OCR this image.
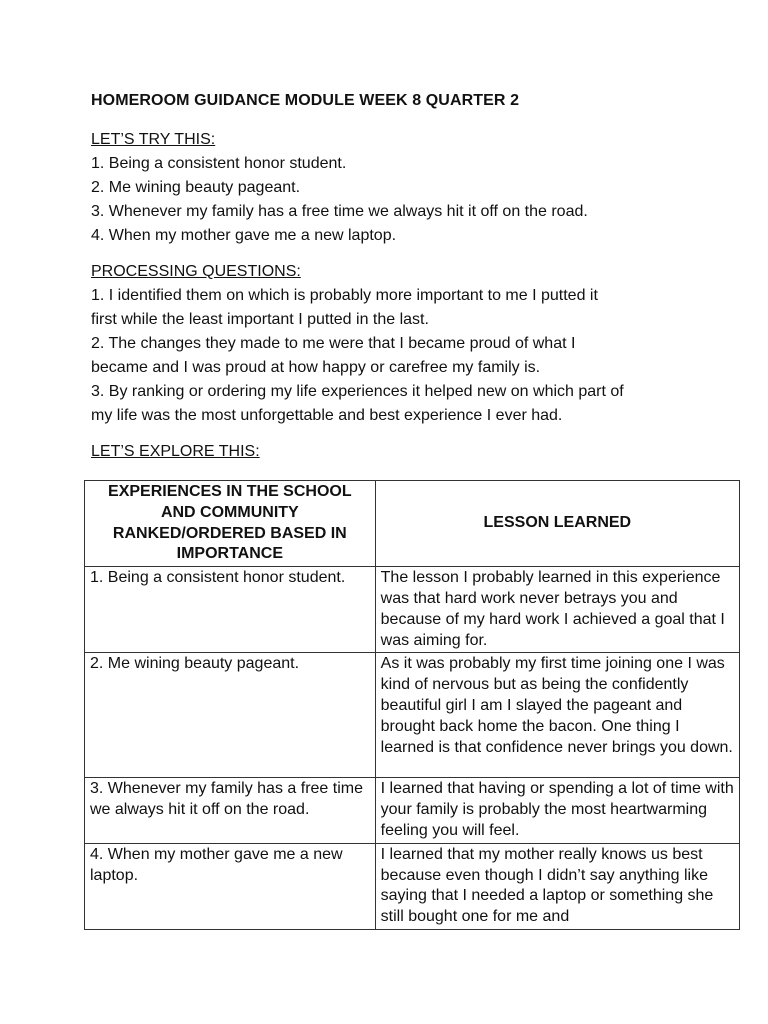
HOMEROOM GUIDANCE MODULE WEEK 8 QUARTER 2
LET’S TRY THIS:
1. Being a consistent honor student.
2. Me wining beauty pageant.
3. Whenever my family has a free time we always hit it off on the road.
4. When my mother gave me a new laptop.
PROCESSING QUESTIONS:
1. I identified them on which is probably more important to me I putted it
first while the least important I putted in the last.
2. The changes they made to me were that I became proud of what I
became and I was proud at how happy or carefree my family is.
3. By ranking or ordering my life experiences it helped new on which part of
my life was the most unforgettable and best experience I ever had.
LET’S EXPLORE THIS:
EXPERIENCES IN THE SCHOOL AND COMMUNITY RANKED/ORDERED BASED IN IMPORTANCE	LESSON LEARNED
1. Being a consistent honor student.	The lesson I probably learned in this experience was that hard work never betrays you and because of my hard work I achieved a goal that I was aiming for.
2. Me wining beauty pageant.	As it was probably my first time joining one I was kind of nervous but as being the confidently beautiful girl I am I slayed the pageant and brought back home the bacon. One thing I learned is that confidence never brings you down.
3. Whenever my family has a free time we always hit it off on the road.	I learned that having or spending a lot of time with your family is probably the most heartwarming feeling you will feel.
4. When my mother gave me a new laptop.	I learned that my mother really knows us best because even though I didn’t say anything like saying that I needed a laptop or something she still bought one for me and
